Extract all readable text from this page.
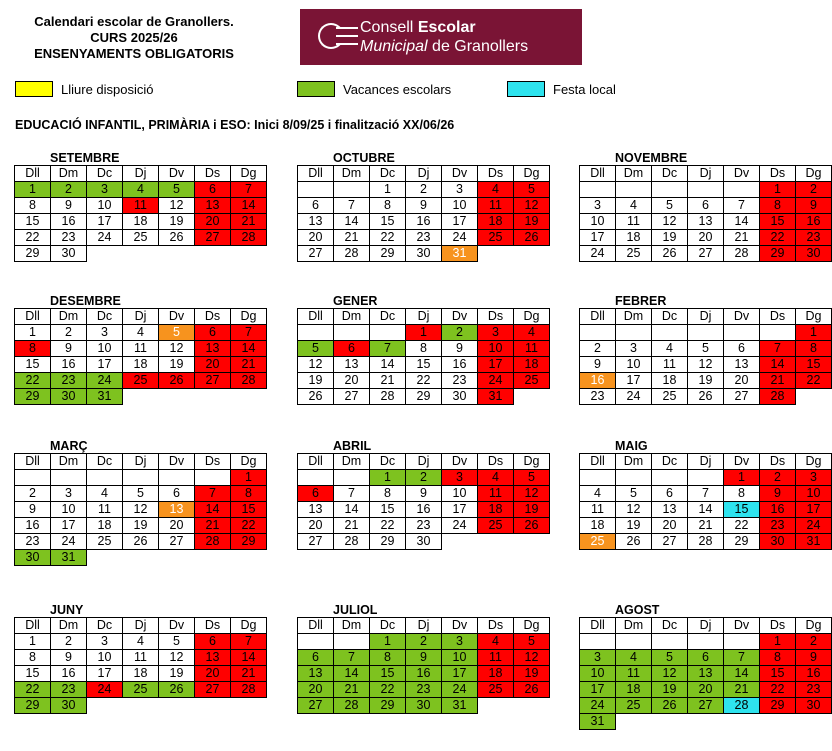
Calendari escolar de Granollers.
CURS 2025/26
ENSENYAMENTS OBLIGATORIS
Consell Escolar
Municipal de Granollers
Lliure disposició	Vacances escolars	Festa local
EDUCACIÓ INFANTIL, PRIMÀRIA i ESO: Inici 8/09/25 i finalització XX/06/26
SETEMBRE
Dll	Dm	Dc	Dj	Dv	Ds	Dg
1	2	3	4	5	6	7
8	9	10	11	12	13	14
15	16	17	18	19	20	21
22	23	24	25	26	27	28
29	30					
OCTUBRE
Dll	Dm	Dc	Dj	Dv	Ds	Dg
		1	2	3	4	5
6	7	8	9	10	11	12
13	14	15	16	17	18	19
20	21	22	23	24	25	26
27	28	29	30	31		
NOVEMBRE
Dll	Dm	Dc	Dj	Dv	Ds	Dg
					1	2
3	4	5	6	7	8	9
10	11	12	13	14	15	16
17	18	19	20	21	22	23
24	25	26	27	28	29	30
DESEMBRE
Dll	Dm	Dc	Dj	Dv	Ds	Dg
1	2	3	4	5	6	7
8	9	10	11	12	13	14
15	16	17	18	19	20	21
22	23	24	25	26	27	28
29	30	31				
GENER
Dll	Dm	Dc	Dj	Dv	Ds	Dg
			1	2	3	4
5	6	7	8	9	10	11
12	13	14	15	16	17	18
19	20	21	22	23	24	25
26	27	28	29	30	31	
FEBRER
Dll	Dm	Dc	Dj	Dv	Ds	Dg
						1
2	3	4	5	6	7	8
9	10	11	12	13	14	15
16	17	18	19	20	21	22
23	24	25	26	27	28	
MARÇ
Dll	Dm	Dc	Dj	Dv	Ds	Dg
						1
2	3	4	5	6	7	8
9	10	11	12	13	14	15
16	17	18	19	20	21	22
23	24	25	26	27	28	29
30	31					
ABRIL
Dll	Dm	Dc	Dj	Dv	Ds	Dg
		1	2	3	4	5
6	7	8	9	10	11	12
13	14	15	16	17	18	19
20	21	22	23	24	25	26
27	28	29	30			
MAIG
Dll	Dm	Dc	Dj	Dv	Ds	Dg
				1	2	3
4	5	6	7	8	9	10
11	12	13	14	15	16	17
18	19	20	21	22	23	24
25	26	27	28	29	30	31
JUNY
Dll	Dm	Dc	Dj	Dv	Ds	Dg
1	2	3	4	5	6	7
8	9	10	11	12	13	14
15	16	17	18	19	20	21
22	23	24	25	26	27	28
29	30					
JULIOL
Dll	Dm	Dc	Dj	Dv	Ds	Dg
		1	2	3	4	5
6	7	8	9	10	11	12
13	14	15	16	17	18	19
20	21	22	23	24	25	26
27	28	29	30	31		
AGOST
Dll	Dm	Dc	Dj	Dv	Ds	Dg
					1	2
3	4	5	6	7	8	9
10	11	12	13	14	15	16
17	18	19	20	21	22	23
24	25	26	27	28	29	30
31						
